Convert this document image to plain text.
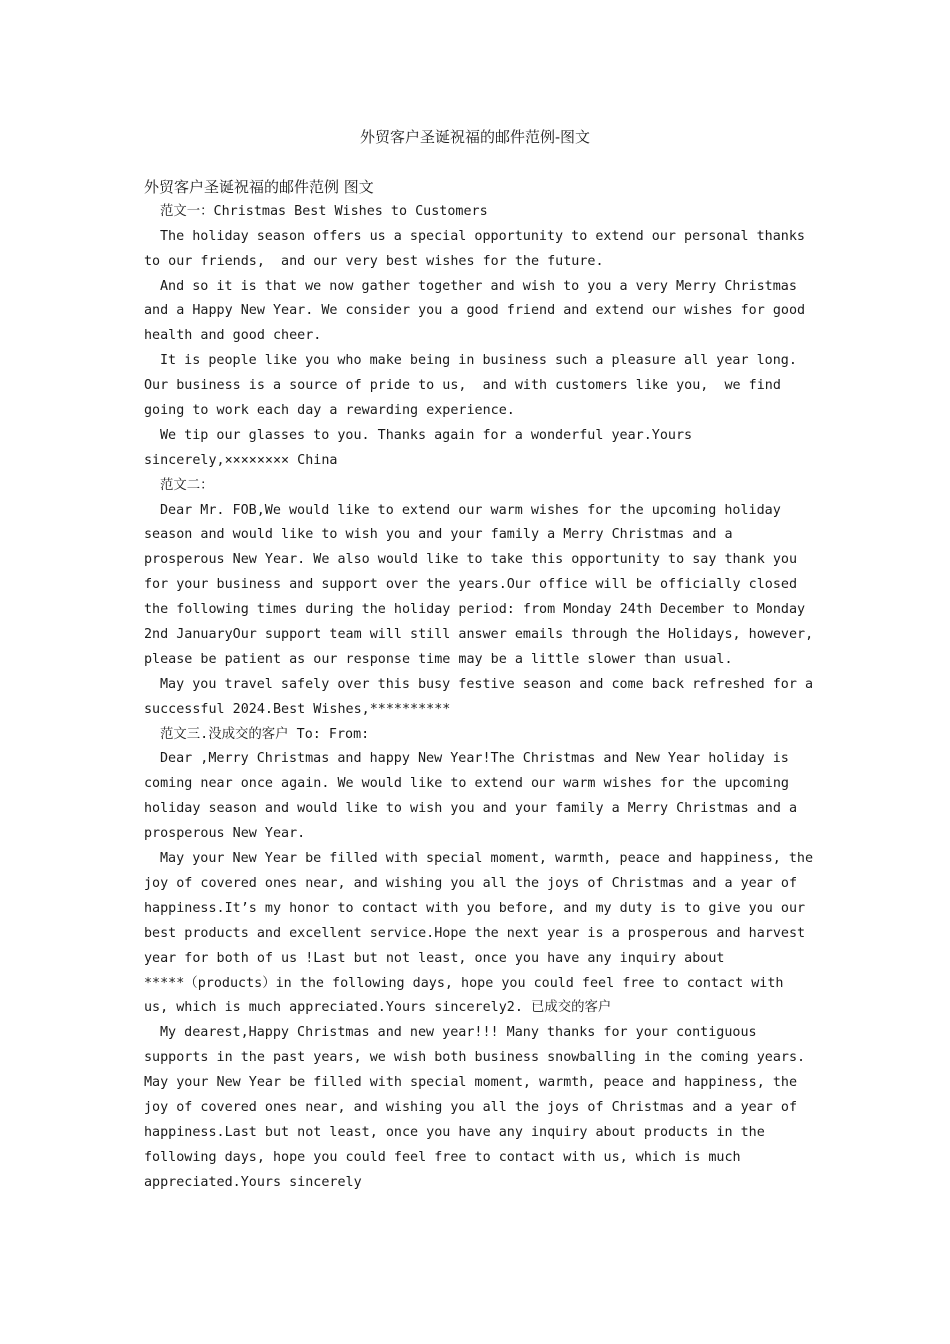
外贸客户圣诞祝福的邮件范例-图文

外贸客户圣诞祝福的邮件范例 图文

范文一：Christmas Best Wishes to Customers

The holiday season offers us a special opportunity to extend our personal thanks

to our friends,  and our very best wishes for the future.

And so it is that we now gather together and wish to you a very Merry Christmas

and a Happy New Year. We consider you a good friend and extend our wishes for good

health and good cheer.

It is people like you who make being in business such a pleasure all year long.

Our business is a source of pride to us,  and with customers like you,  we find

going to work each day a rewarding experience.

We tip our glasses to you. Thanks again for a wonderful year.Yours

sincerely,×××××××× China

范文二：

Dear Mr. FOB,We would like to extend our warm wishes for the upcoming holiday

season and would like to wish you and your family a Merry Christmas and a

prosperous New Year. We also would like to take this opportunity to say thank you

for your business and support over the years.Our office will be officially closed

the following times during the holiday period: from Monday 24th December to Monday

2nd JanuaryOur support team will still answer emails through the Holidays, however,

please be patient as our response time may be a little slower than usual.

May you travel safely over this busy festive season and come back refreshed for a

successful 2024.Best Wishes,**********

范文三.没成交的客户 To: From:

Dear ,Merry Christmas and happy New Year!The Christmas and New Year holiday is

coming near once again. We would like to extend our warm wishes for the upcoming

holiday season and would like to wish you and your family a Merry Christmas and a

prosperous New Year.

May your New Year be filled with special moment, warmth, peace and happiness, the

joy of covered ones near, and wishing you all the joys of Christmas and a year of

happiness.It’s my honor to contact with you before, and my duty is to give you our

best products and excellent service.Hope the next year is a prosperous and harvest

year for both of us !Last but not least, once you have any inquiry about

*****（products）in the following days, hope you could feel free to contact with

us, which is much appreciated.Yours sincerely2. 已成交的客户

My dearest,Happy Christmas and new year!!! Many thanks for your contiguous

supports in the past years, we wish both business snowballing in the coming years.

May your New Year be filled with special moment, warmth, peace and happiness, the

joy of covered ones near, and wishing you all the joys of Christmas and a year of

happiness.Last but not least, once you have any inquiry about products in the

following days, hope you could feel free to contact with us, which is much

appreciated.Yours sincerely
